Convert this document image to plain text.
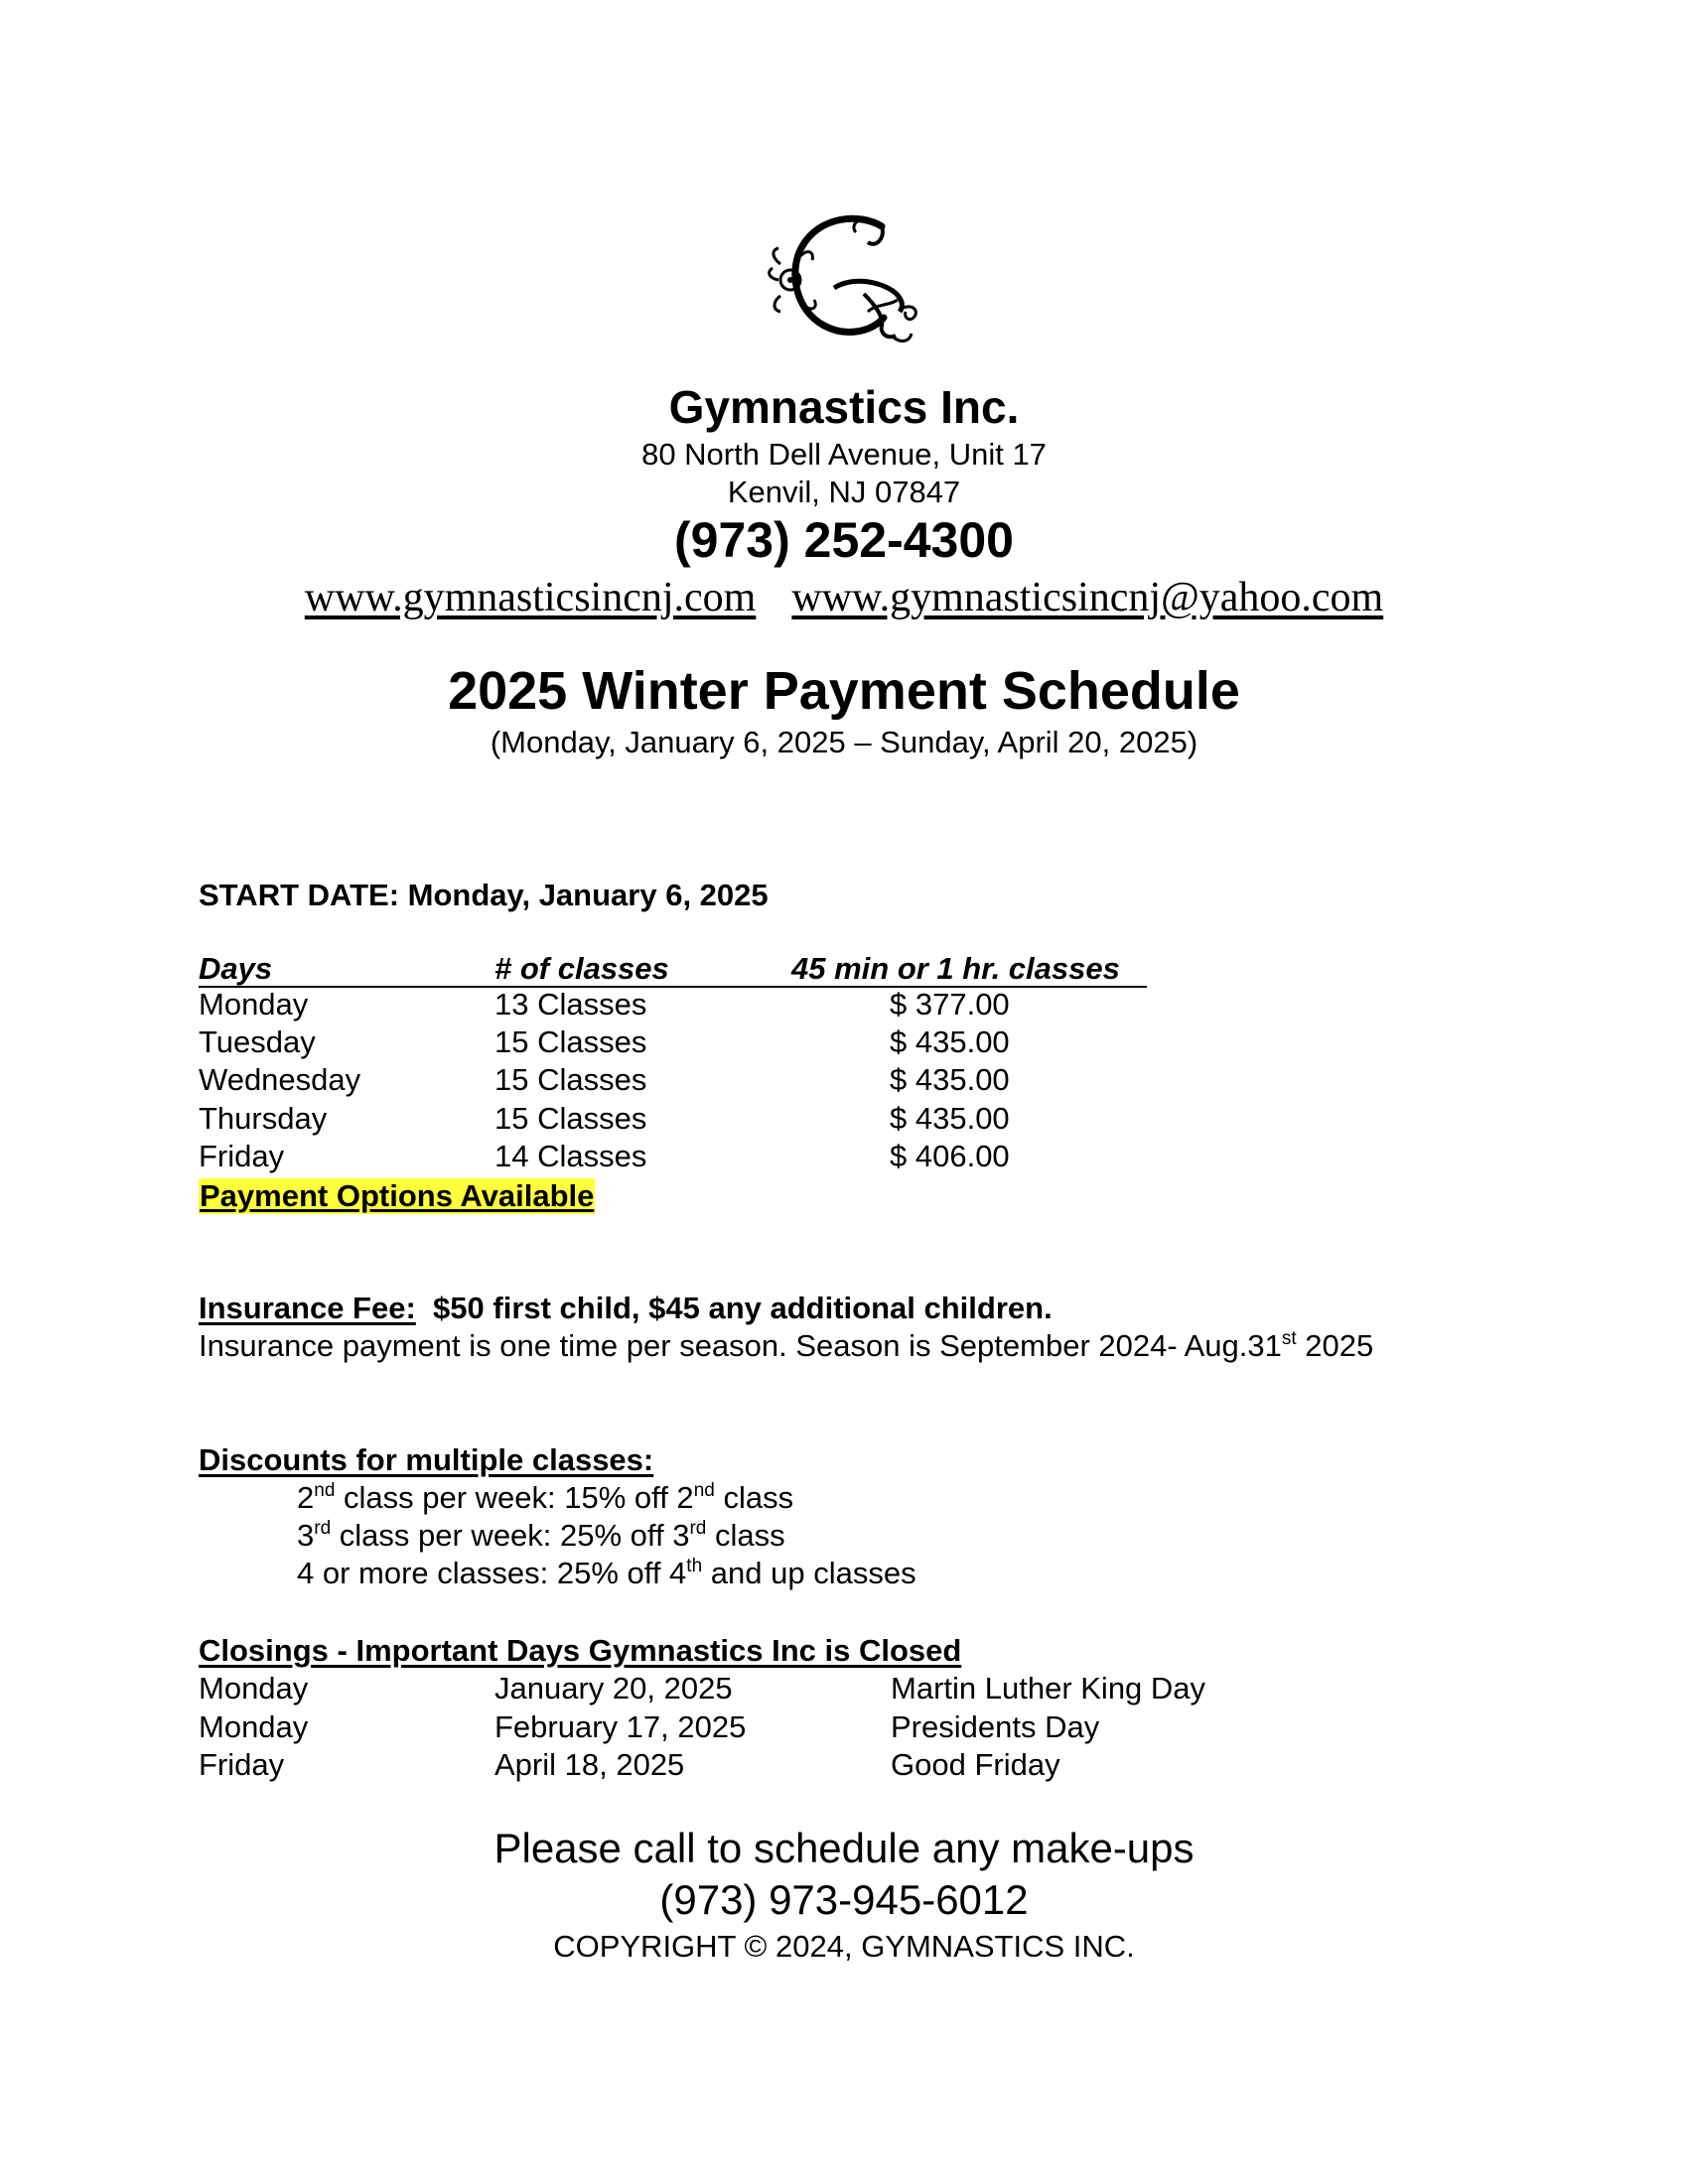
Gymnastics Inc.
80 North Dell Avenue, Unit 17
Kenvil, NJ 07847
(973) 252-4300
www.gymnasticsincnj.com www.gymnasticsincnj@yahoo.com
2025 Winter Payment Schedule
(Monday, January 6, 2025 – Sunday, April 20, 2025)
START DATE: Monday, January 6, 2025
Days	# of classes	45 min or 1 hr. classes
Monday	13 Classes	$ 377.00
Tuesday	15 Classes	$ 435.00
Wednesday	15 Classes	$ 435.00
Thursday	15 Classes	$ 435.00
Friday	14 Classes	$ 406.00
Payment Options Available
Insurance Fee: $50 first child, $45 any additional children.
Insurance payment is one time per season. Season is September 2024- Aug.31st 2025
Discounts for multiple classes:
2nd class per week: 15% off 2nd class
3rd class per week: 25% off 3rd class
4 or more classes: 25% off 4th and up classes
Closings - Important Days Gymnastics Inc is Closed
Monday	January 20, 2025	Martin Luther King Day
Monday	February 17, 2025	Presidents Day
Friday	April 18, 2025	Good Friday
Please call to schedule any make-ups
(973) 973-945-6012
COPYRIGHT © 2024, GYMNASTICS INC.
